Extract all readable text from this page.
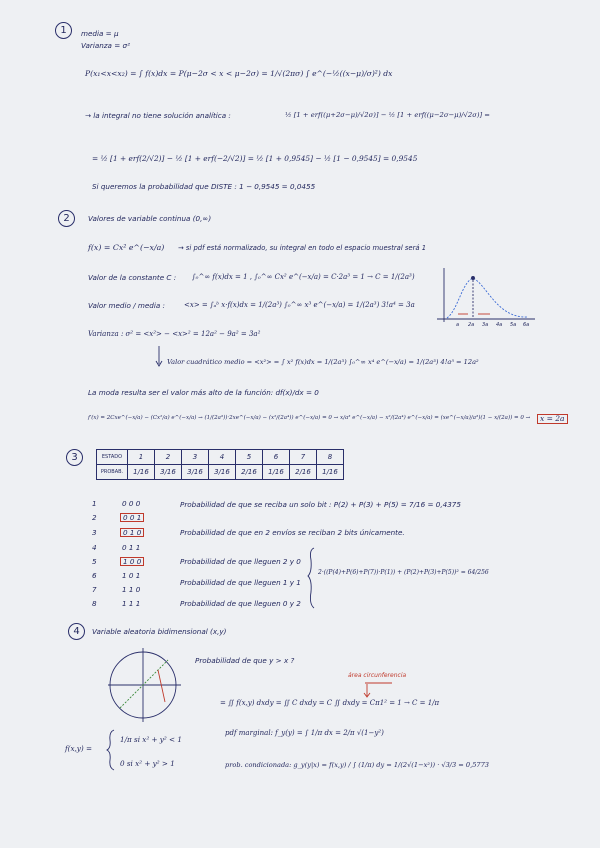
1	media = μ
Varianza = σ²
P(x₁<x<x₂) = ∫ f(x)dx = P(μ−2σ < x < μ−2σ) = 1/√(2πσ) ∫ e^(−½((x−μ)/σ)²) dx
→ la integral no tiene solución analítica :	½ [1 + erf((μ+2σ−μ)/√2σ)] − ½ [1 + erf((μ−2σ−μ)/√2σ)] =
= ½ [1 + erf(2/√2)] − ½ [1 + erf(−2/√2)] = ½ [1 + 0,9545] − ½ [1 − 0,9545] = 0,9545
Si queremos la probabilidad que DISTE : 1 − 0,9545 = 0,0455
2	Valores de variable continua (0,∞)
f(x) = Cx² e^(−x/a) → si pdf está normalizado, su integral en todo el espacio muestral será 1
Valor de la constante C : ∫₀^∞ f(x)dx = 1 , ∫₀^∞ Cx² e^(−x/a) = C·2a³ = 1 → C = 1/(2a³)
Valor medio / media :	<x> = ∫ₐᵇ x·f(x)dx = 1/(2a³) ∫₀^∞ x³ e^(−x/a) = 1/(2a³) 3!a⁴ = 3a
Varianza : σ² = <x²> − <x>² = 12a² − 9a² = 3a²
Valor cuadrático medio = <x²> = ∫ x² f(x)dx = 1/(2a³) ∫₀^∞ x⁴ e^(−x/a) = 1/(2a³) 4!a⁵ = 12a²
La moda resulta ser el valor más alto de la función: df(x)/dx = 0
f′(x) = 2Cxe^(−x/a) − (Cx²/a) e^(−x/a) → (1/(2a³))·2xe^(−x/a) − (x²/(2a⁴)) e^(−x/a) = 0 → x/a³ e^(−x/a) − x²/(2a⁴) e^(−x/a) = (xe^(−x/a)/a³)(1 − x/(2a)) = 0 →	x = 2a
a 2a 3a 4a 5a 6a
3	ESTADO	1	2	3	4	5	6	7	8
PROBAB.	1/16	3/16	3/16	3/16	2/16	1/16	2/16	1/16
1	0 0 0
2	0 0 1
3	0 1 0
4	0 1 1
5	1 0 0
6	1 0 1
7	1 1 0
8	1 1 1
Probabilidad de que se reciba un solo bit : P(2) + P(3) + P(5) = 7/16 = 0,4375
Probabilidad de que en 2 envíos se reciban 2 bits únicamente.
Probabilidad de que lleguen 2 y 0
Probabilidad de que lleguen 1 y 1
Probabilidad de que lleguen 0 y 2
2·((P(4)+P(6)+P(7))·P(1)) + (P(2)+P(3)+P(5))² = 64/256
4	Variable aleatoria bidimensional (x,y)
Probabilidad de que y > x ?
área circunferencia
= ∬ f(x,y) dxdy = ∬ C dxdy = C ∬ dxdy = Cπ1² = 1 → C = 1/π
f(x,y) =
1/π si x² + y² < 1
0 si x² + y² > 1
pdf marginal: f_y(y) = ∫ 1/π dx = 2/π √(1−y²)
prob. condicionada: g_y(y|x) = f(x,y) / ∫ (1/π) dy = 1/(2√(1−x²)) · √3/3 = 0,5773
